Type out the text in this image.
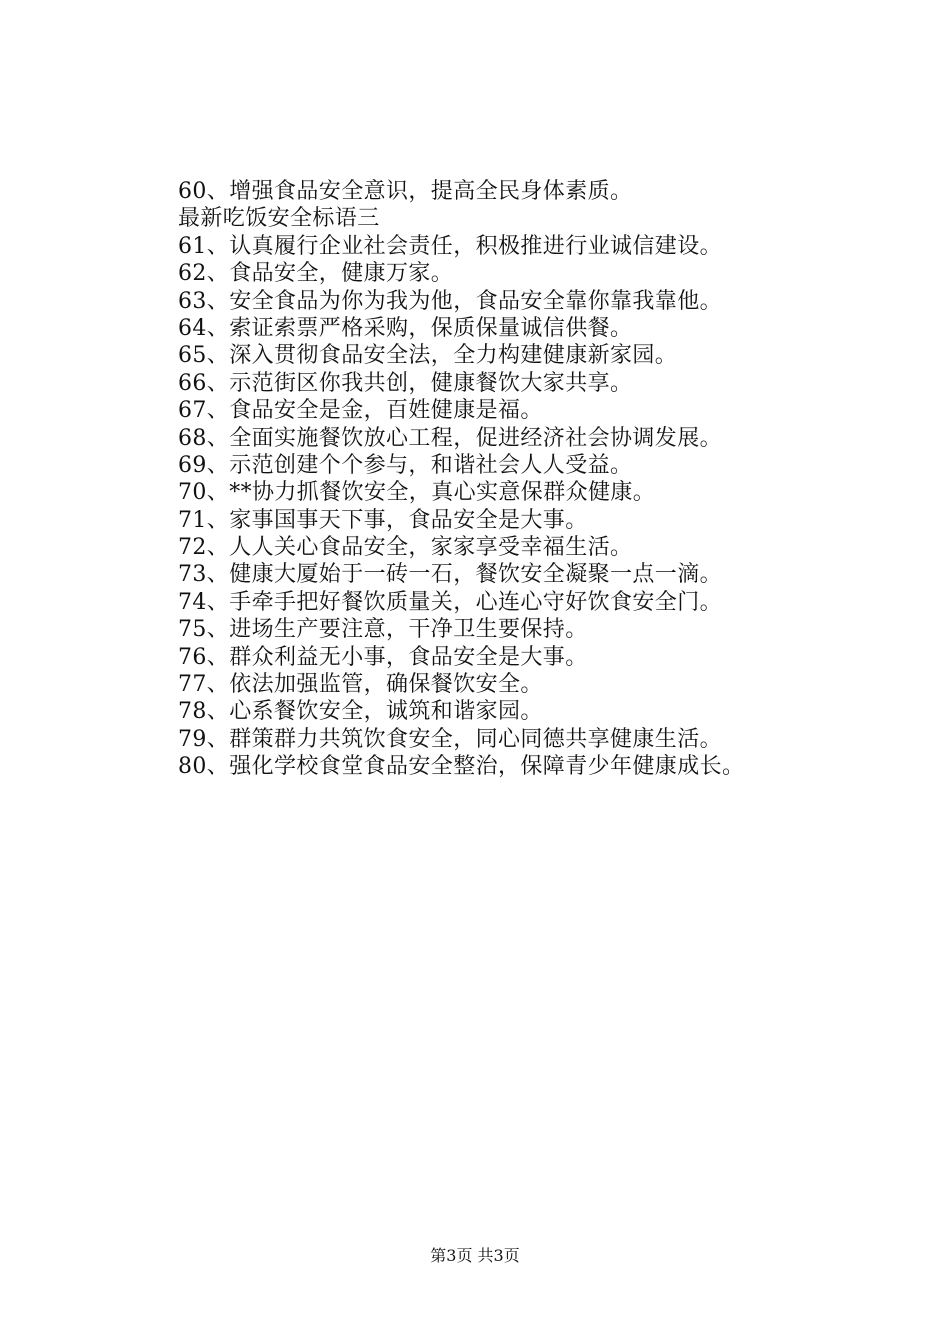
60、增强食品安全意识，提高全民身体素质。
最新吃饭安全标语三
61、认真履行企业社会责任，积极推进行业诚信建设。
62、食品安全，健康万家。
63、安全食品为你为我为他，食品安全靠你靠我靠他。
64、索证索票严格采购，保质保量诚信供餐。
65、深入贯彻食品安全法，全力构建健康新家园。
66、示范街区你我共创，健康餐饮大家共享。
67、食品安全是金，百姓健康是福。
68、全面实施餐饮放心工程，促进经济社会协调发展。
69、示范创建个个参与，和谐社会人人受益。
70、**协力抓餐饮安全，真心实意保群众健康。
71、家事国事天下事，食品安全是大事。
72、人人关心食品安全，家家享受幸福生活。
73、健康大厦始于一砖一石，餐饮安全凝聚一点一滴。
74、手牵手把好餐饮质量关，心连心守好饮食安全门。
75、进场生产要注意，干净卫生要保持。
76、群众利益无小事，食品安全是大事。
77、依法加强监管，确保餐饮安全。
78、心系餐饮安全，诚筑和谐家园。
79、群策群力共筑饮食安全，同心同德共享健康生活。
80、强化学校食堂食品安全整治，保障青少年健康成长。
第3页 共3页
